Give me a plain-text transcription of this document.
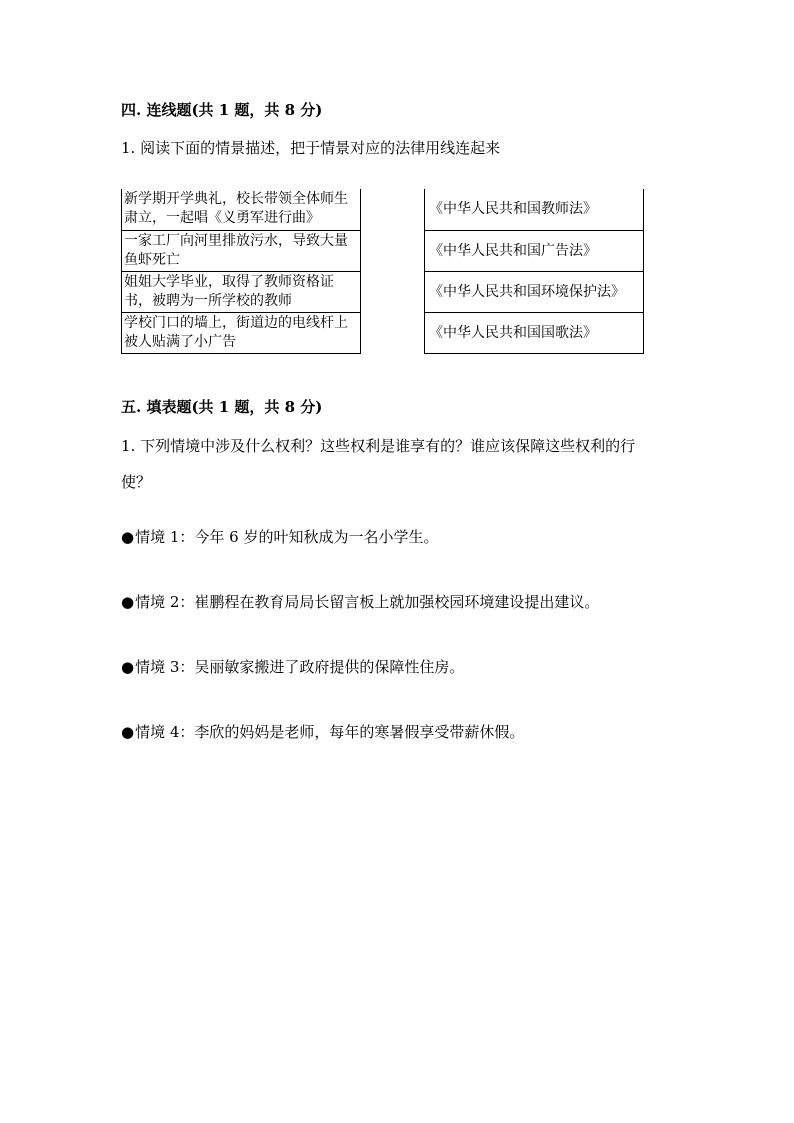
四. 连线题(共 1 题，共 8 分)
1. 阅读下面的情景描述，把于情景对应的法律用线连起来
新学期开学典礼，校长带领全体师生肃立，一起唱《义勇军进行曲》
一家工厂向河里排放污水，导致大量鱼虾死亡
姐姐大学毕业，取得了教师资格证书，被聘为一所学校的教师
学校门口的墙上，街道边的电线杆上被人贴满了小广告
《中华人民共和国教师法》
《中华人民共和国广告法》
《中华人民共和国环境保护法》
《中华人民共和国国歌法》
五. 填表题(共 1 题，共 8 分)
1. 下列情境中涉及什么权利？这些权利是谁享有的？谁应该保障这些权利的行
使？
●情境 1：今年 6 岁的叶知秋成为一名小学生。
●情境 2：崔鹏程在教育局局长留言板上就加强校园环境建设提出建议。
●情境 3：吴丽敏家搬进了政府提供的保障性住房。
●情境 4：李欣的妈妈是老师，每年的寒暑假享受带薪休假。
